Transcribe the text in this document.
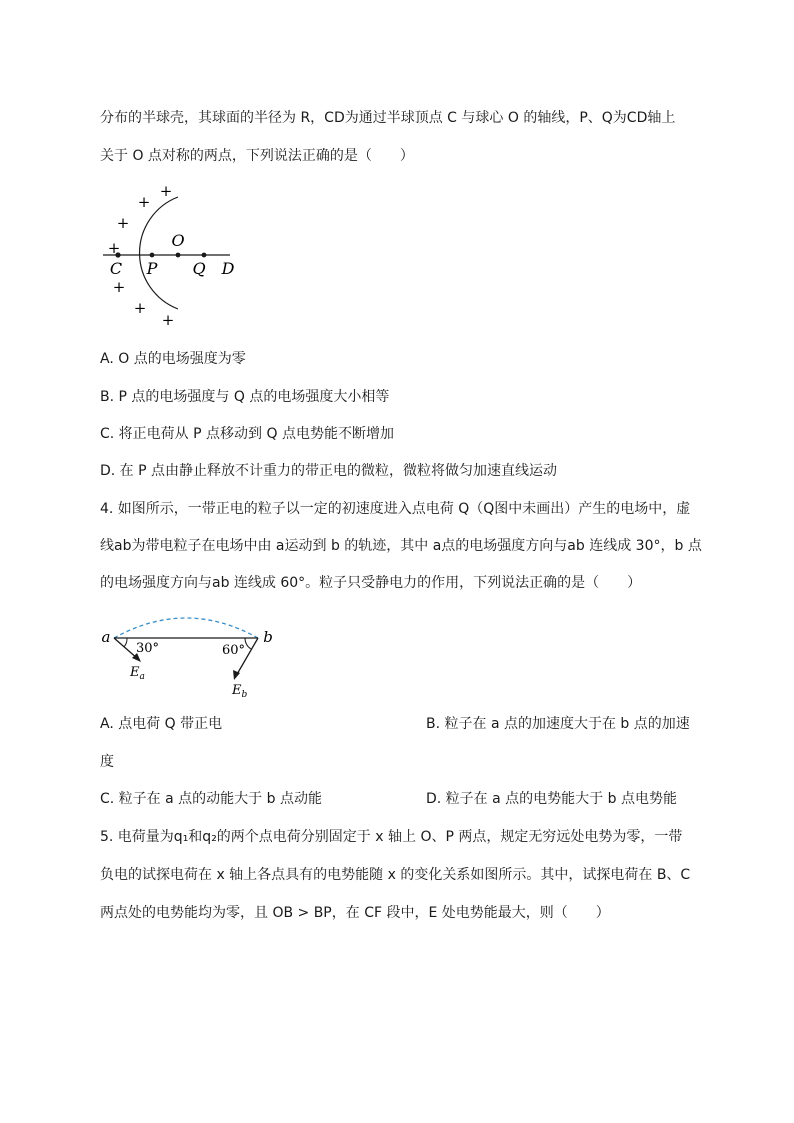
分布的半球壳，其球面的半径为 R，CD为通过半球顶点 C 与球心 O 的轴线，P、Q为CD轴上
关于 O 点对称的两点，下列说法正确的是（　　）
+
+
+
+
+
+
+
C P
O
Q D
A. O 点的电场强度为零
B. P 点的电场强度与 Q 点的电场强度大小相等
C. 将正电荷从 P 点移动到 Q 点电势能不断增加
D. 在 P 点由静止释放不计重力的带正电的微粒，微粒将做匀加速直线运动
4. 如图所示，一带正电的粒子以一定的初速度进入点电荷 Q（Q图中未画出）产生的电场中，虚
线ab为带电粒子在电场中由 a运动到 b 的轨迹，其中 a点的电场强度方向与ab 连线成 30°，b 点
的电场强度方向与ab 连线成 60°。粒子只受静电力的作用，下列说法正确的是（　　）
a	b
30°	60°
$E_a$
$E_b$
A. 点电荷 Q 带正电	B. 粒子在 a 点的加速度大于在 b 点的加速
度
C. 粒子在 a 点的动能大于 b 点动能	D. 粒子在 a 点的电势能大于 b 点电势能
5. 电荷量为q₁和q₂的两个点电荷分别固定于 x 轴上 O、P 两点，规定无穷远处电势为零，一带
负电的试探电荷在 x 轴上各点具有的电势能随 x 的变化关系如图所示。其中，试探电荷在 B、C
两点处的电势能均为零，且 OB > BP，在 CF 段中，E 处电势能最大，则（　　）
